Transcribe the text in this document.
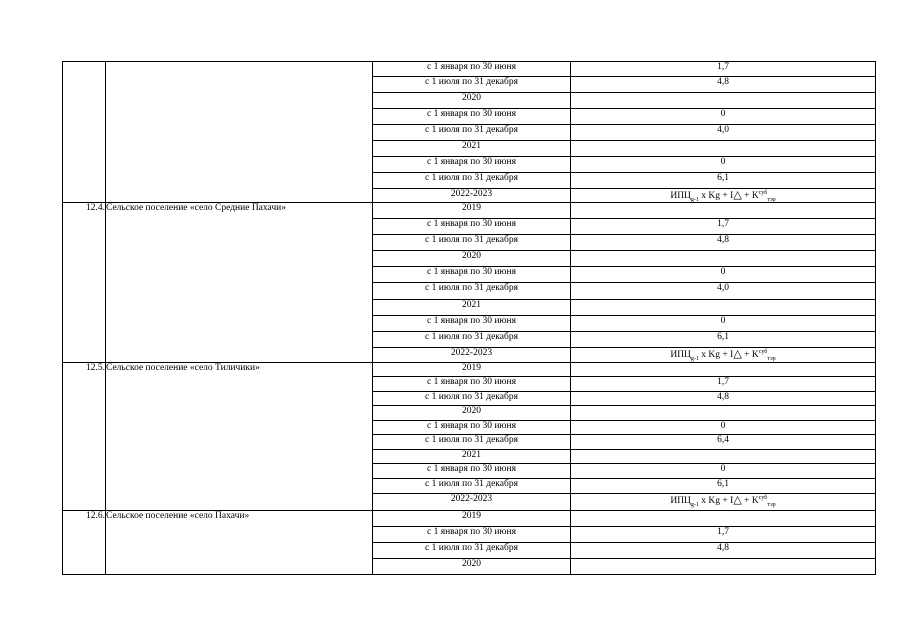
		с 1 января по 30 июня	1,7
		с 1 июля по 31 декабря	4,8
		2020	
		с 1 января по 30 июня	0
		с 1 июля по 31 декабря	4,0
		2021	
		с 1 января по 30 июня	0
		с 1 июля по 31 декабря	6,1
		2022-2023	$ИПЦ_{g-1}$ x Kg + I△ + $K^{суб}_{тэр}$
12.4.	Сельское поселение «село Средние Пахачи»	2019	
		с 1 января по 30 июня	1,7
		с 1 июля по 31 декабря	4,8
		2020	
		с 1 января по 30 июня	0
		с 1 июля по 31 декабря	4,0
		2021	
		с 1 января по 30 июня	0
		с 1 июля по 31 декабря	6,1
		2022-2023	$ИПЦ_{g-1}$ x Kg + I△ + $K^{суб}_{тэр}$
12.5.	Сельское поселение «село Тиличики»	2019	
		с 1 января по 30 июня	1,7
		с 1 июля по 31 декабря	4,8
		2020	
		с 1 января по 30 июня	0
		с 1 июля по 31 декабря	6,4
		2021	
		с 1 января по 30 июня	0
		с 1 июля по 31 декабря	6,1
		2022-2023	$ИПЦ_{g-1}$ x Kg + I△ + $K^{суб}_{тэр}$
12.6.	Сельское поселение «село Пахачи»	2019	
		с 1 января по 30 июня	1,7
		с 1 июля по 31 декабря	4,8
		2020	
